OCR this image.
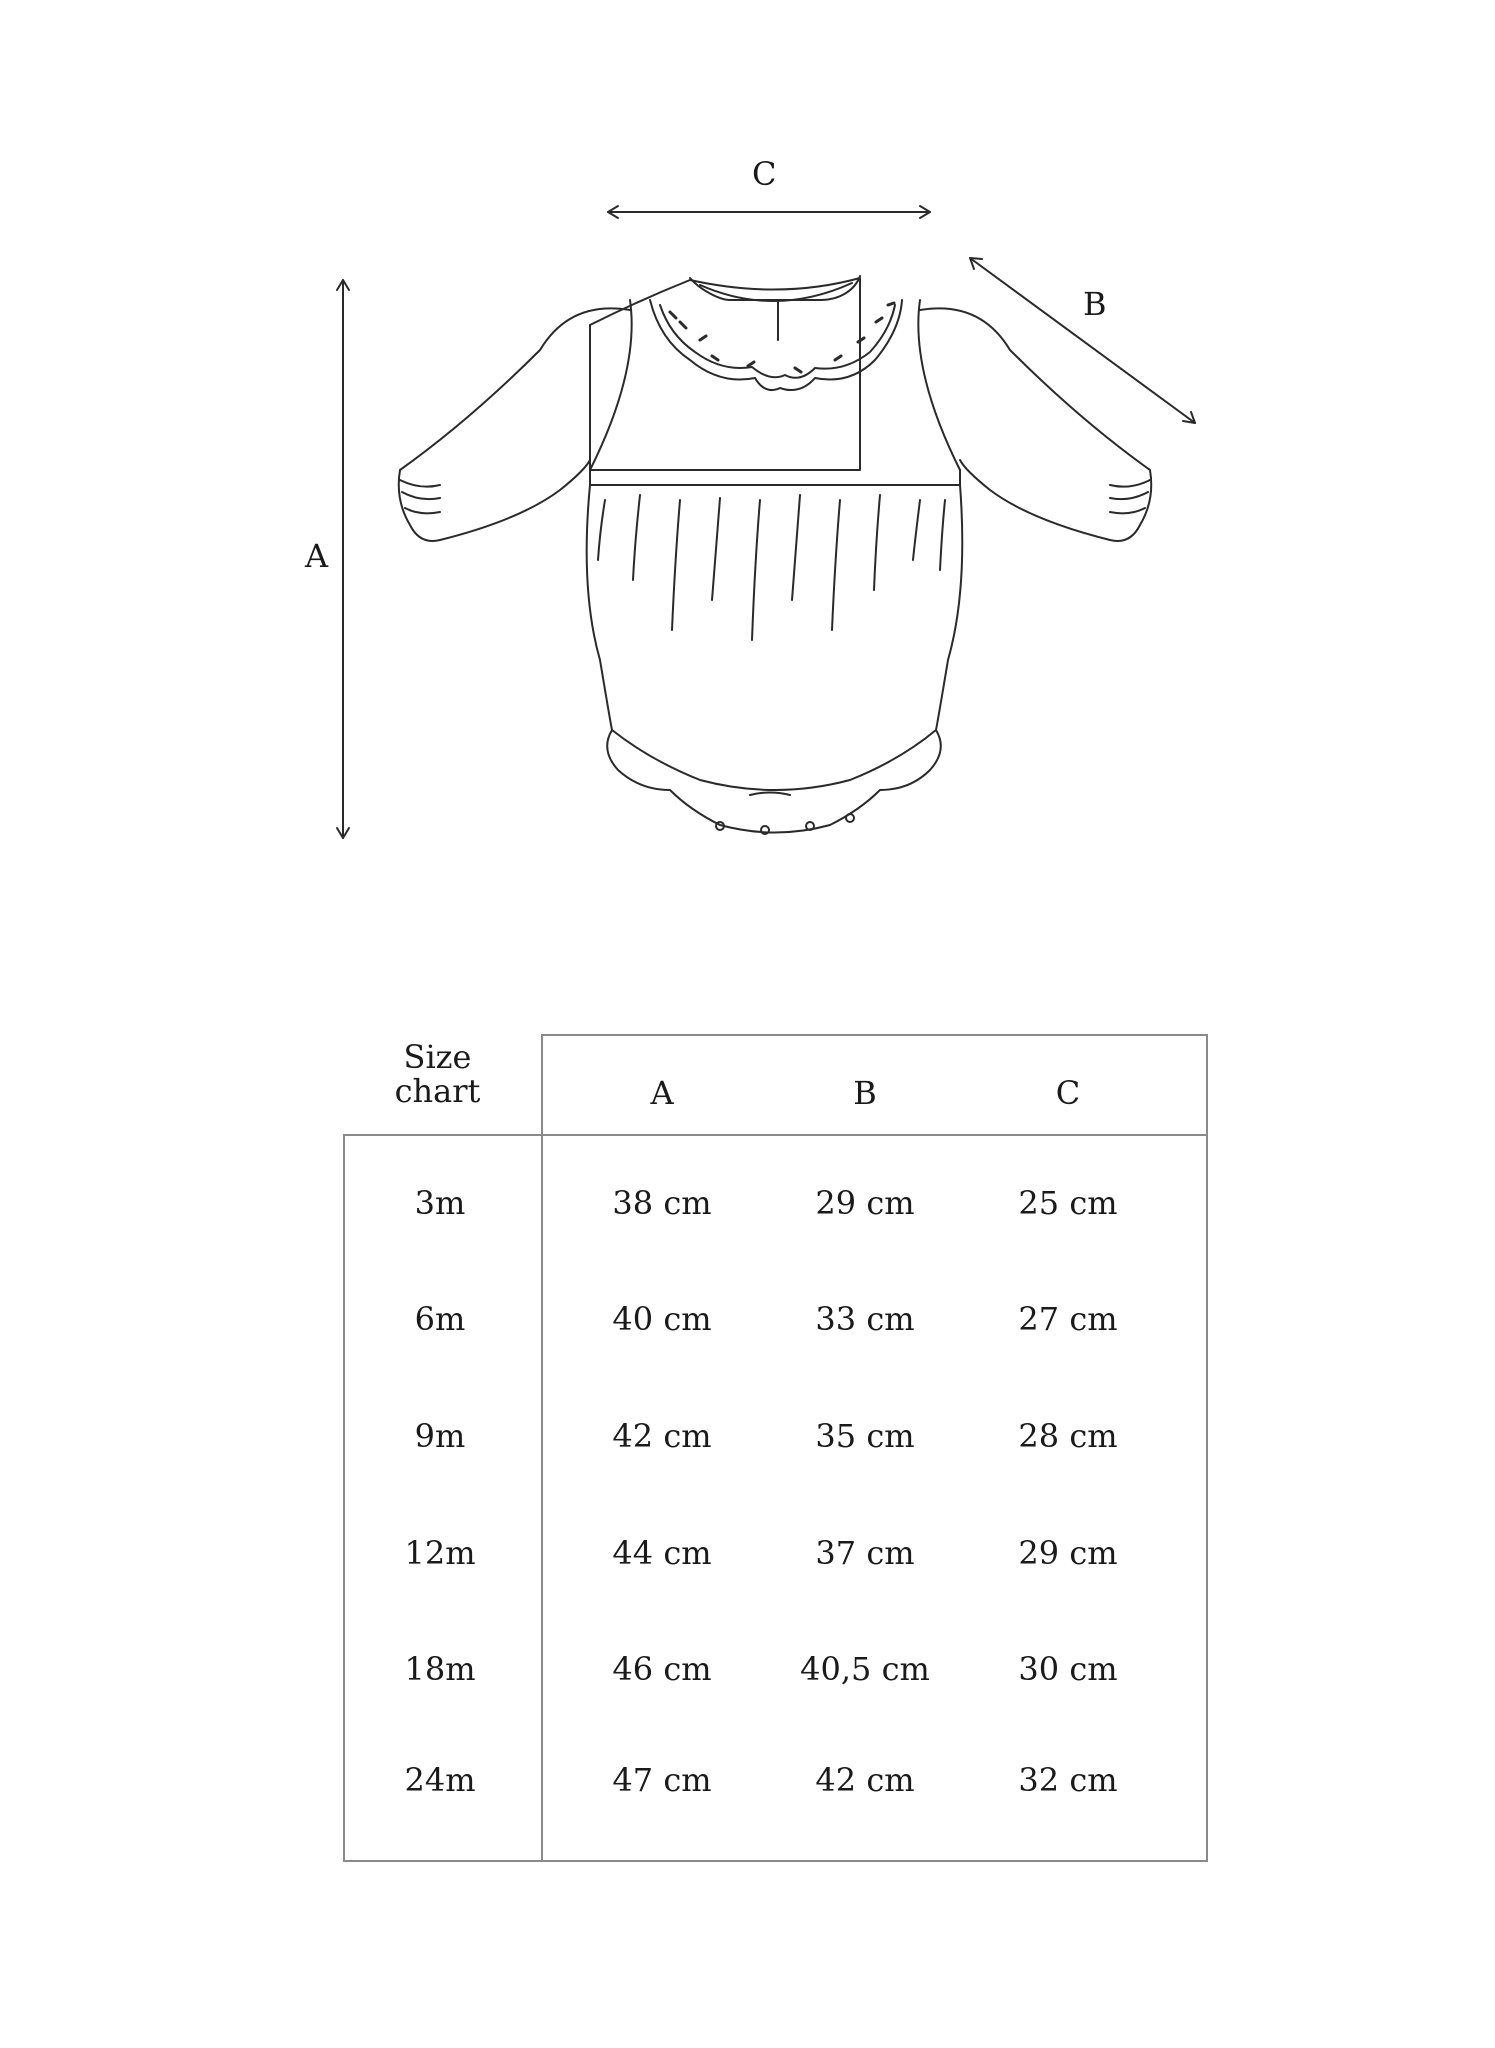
C
B
A
Size
chart	A	B	C
3m	38 cm	29 cm	25 cm
6m	40 cm	33 cm	27 cm
9m	42 cm	35 cm	28 cm
12m	44 cm	37 cm	29 cm
18m	46 cm	40,5 cm	30 cm
24m	47 cm	42 cm	32 cm
